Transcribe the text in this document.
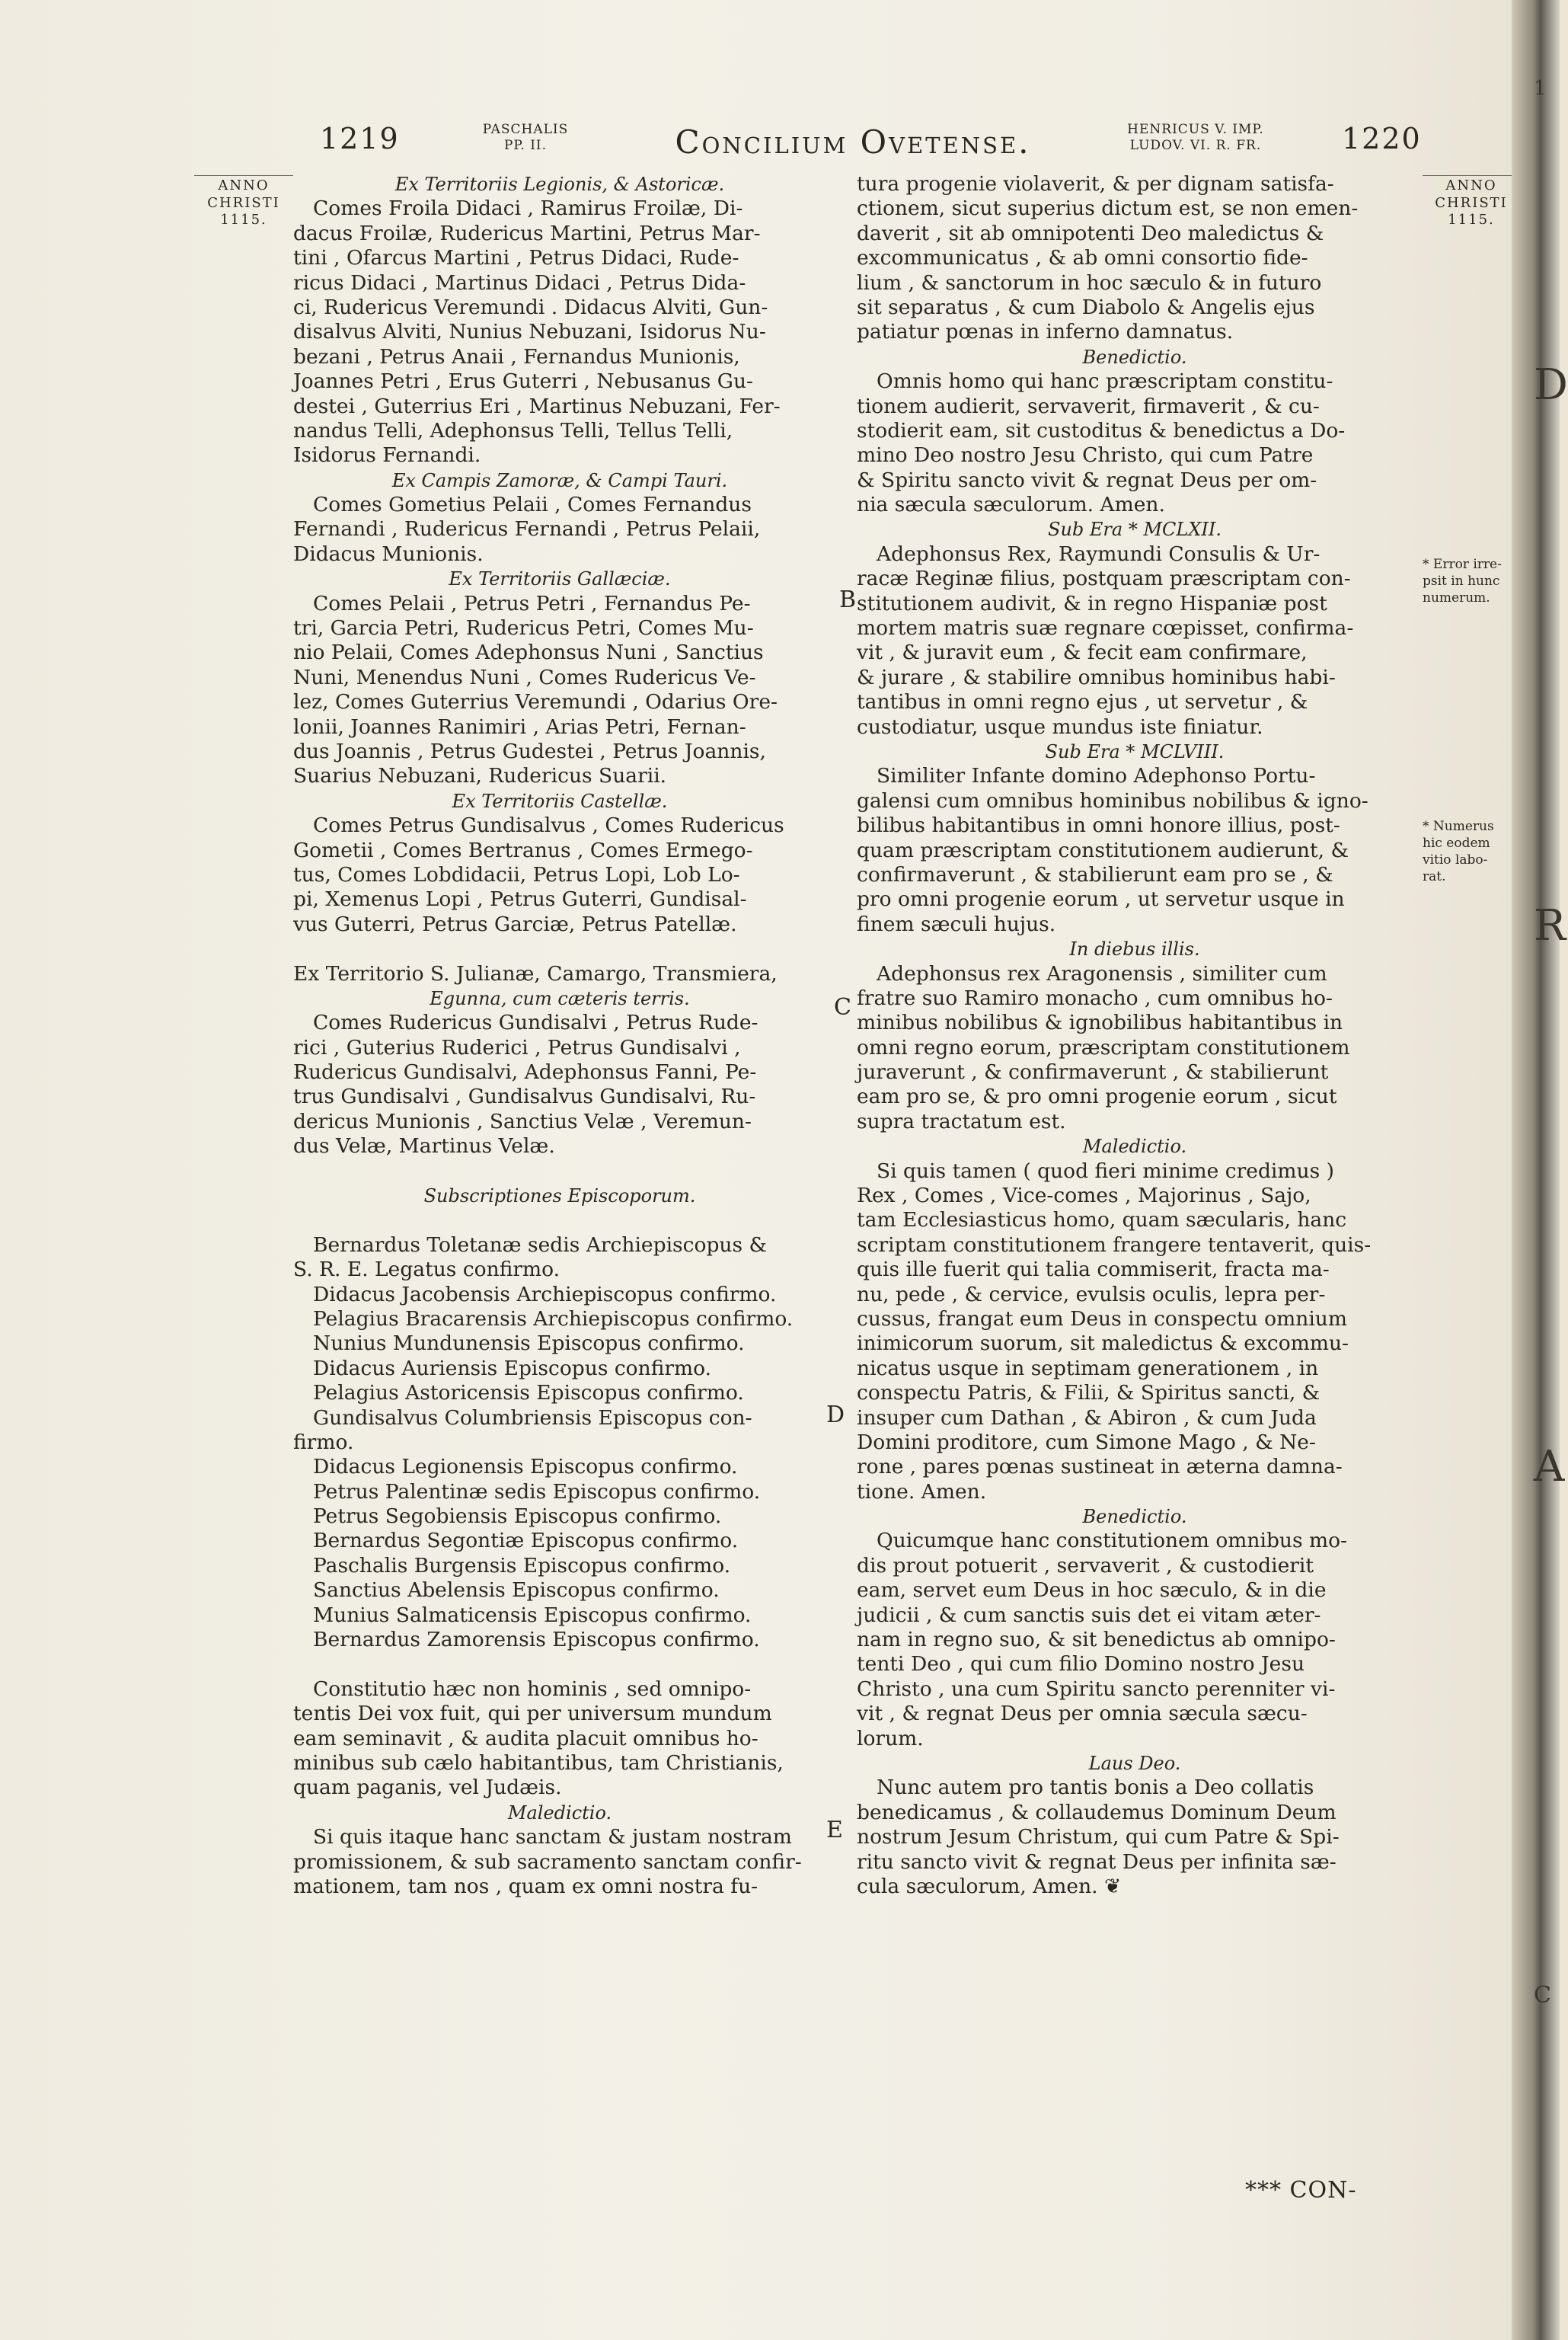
1219	PASCHALIS
PP. II.	Concilium Ovetense.	HENRICUS V. IMP.
LUDOV. VI. R. FR.	1220
ANNO
CHRISTI
1115.
ANNO
CHRISTI
1115.
* Error irre-
psit in hunc
numerum.
* Numerus
hic eodem
vitio labo-
rat.
B
C
D
E
Ex Territoriis Legionis, & Astoricæ.
Comes Froila Didaci , Ramirus Froilæ, Di-
dacus Froilæ, Rudericus Martini, Petrus Mar-
tini , Ofarcus Martini , Petrus Didaci, Rude-
ricus Didaci , Martinus Didaci , Petrus Dida-
ci, Rudericus Veremundi . Didacus Alviti, Gun-
disalvus Alviti, Nunius Nebuzani, Isidorus Nu-
bezani , Petrus Anaii , Fernandus Munionis,
Joannes Petri , Erus Guterri , Nebusanus Gu-
destei , Guterrius Eri , Martinus Nebuzani, Fer-
nandus Telli, Adephonsus Telli, Tellus Telli,
Isidorus Fernandi.
Ex Campis Zamoræ, & Campi Tauri.
Comes Gometius Pelaii , Comes Fernandus
Fernandi , Rudericus Fernandi , Petrus Pelaii,
Didacus Munionis.
Ex Territoriis Gallæciæ.
Comes Pelaii , Petrus Petri , Fernandus Pe-
tri, Garcia Petri, Rudericus Petri, Comes Mu-
nio Pelaii, Comes Adephonsus Nuni , Sanctius
Nuni, Menendus Nuni , Comes Rudericus Ve-
lez, Comes Guterrius Veremundi , Odarius Ore-
lonii, Joannes Ranimiri , Arias Petri, Fernan-
dus Joannis , Petrus Gudestei , Petrus Joannis,
Suarius Nebuzani, Rudericus Suarii.
Ex Territoriis Castellæ.
Comes Petrus Gundisalvus , Comes Rudericus
Gometii , Comes Bertranus , Comes Ermego-
tus, Comes Lobdidacii, Petrus Lopi, Lob Lo-
pi, Xemenus Lopi , Petrus Guterri, Gundisal-
vus Guterri, Petrus Garciæ, Petrus Patellæ.
Ex Territorio S. Julianæ, Camargo, Transmiera,
Egunna, cum cæteris terris.
Comes Rudericus Gundisalvi , Petrus Rude-
rici , Guterius Ruderici , Petrus Gundisalvi ,
Rudericus Gundisalvi, Adephonsus Fanni, Pe-
trus Gundisalvi , Gundisalvus Gundisalvi, Ru-
dericus Munionis , Sanctius Velæ , Veremun-
dus Velæ, Martinus Velæ.
Subscriptiones Episcoporum.
Bernardus Toletanæ sedis Archiepiscopus &
S. R. E. Legatus confirmo.
Didacus Jacobensis Archiepiscopus confirmo.
Pelagius Bracarensis Archiepiscopus confirmo.
Nunius Mundunensis Episcopus confirmo.
Didacus Auriensis Episcopus confirmo.
Pelagius Astoricensis Episcopus confirmo.
Gundisalvus Columbriensis Episcopus con-
firmo.
Didacus Legionensis Episcopus confirmo.
Petrus Palentinæ sedis Episcopus confirmo.
Petrus Segobiensis Episcopus confirmo.
Bernardus Segontiæ Episcopus confirmo.
Paschalis Burgensis Episcopus confirmo.
Sanctius Abelensis Episcopus confirmo.
Munius Salmaticensis Episcopus confirmo.
Bernardus Zamorensis Episcopus confirmo.
Constitutio hæc non hominis , sed omnipo-
tentis Dei vox fuit, qui per universum mundum
eam seminavit , & audita placuit omnibus ho-
minibus sub cælo habitantibus, tam Christianis,
quam paganis, vel Judæis.
Maledictio.
Si quis itaque hanc sanctam & justam nostram
promissionem, & sub sacramento sanctam confir-
mationem, tam nos , quam ex omni nostra fu-
tura progenie violaverit, & per dignam satisfa-
ctionem, sicut superius dictum est, se non emen-
daverit , sit ab omnipotenti Deo maledictus &
excommunicatus , & ab omni consortio fide-
lium , & sanctorum in hoc sæculo & in futuro
sit separatus , & cum Diabolo & Angelis ejus
patiatur pœnas in inferno damnatus.
Benedictio.
Omnis homo qui hanc præscriptam constitu-
tionem audierit, servaverit, firmaverit , & cu-
stodierit eam, sit custoditus & benedictus a Do-
mino Deo nostro Jesu Christo, qui cum Patre
& Spiritu sancto vivit & regnat Deus per om-
nia sæcula sæculorum. Amen.
Sub Era * MCLXII.
Adephonsus Rex, Raymundi Consulis & Ur-
racæ Reginæ filius, postquam præscriptam con-
stitutionem audivit, & in regno Hispaniæ post
mortem matris suæ regnare cœpisset, confirma-
vit , & juravit eum , & fecit eam confirmare,
& jurare , & stabilire omnibus hominibus habi-
tantibus in omni regno ejus , ut servetur , &
custodiatur, usque mundus iste finiatur.
Sub Era * MCLVIII.
Similiter Infante domino Adephonso Portu-
galensi cum omnibus hominibus nobilibus & igno-
bilibus habitantibus in omni honore illius, post-
quam præscriptam constitutionem audierunt, &
confirmaverunt , & stabilierunt eam pro se , &
pro omni progenie eorum , ut servetur usque in
finem sæculi hujus.
In diebus illis.
Adephonsus rex Aragonensis , similiter cum
fratre suo Ramiro monacho , cum omnibus ho-
minibus nobilibus & ignobilibus habitantibus in
omni regno eorum, præscriptam constitutionem
juraverunt , & confirmaverunt , & stabilierunt
eam pro se, & pro omni progenie eorum , sicut
supra tractatum est.
Maledictio.
Si quis tamen ( quod fieri minime credimus )
Rex , Comes , Vice-comes , Majorinus , Sajo,
tam Ecclesiasticus homo, quam sæcularis, hanc
scriptam constitutionem frangere tentaverit, quis-
quis ille fuerit qui talia commiserit, fracta ma-
nu, pede , & cervice, evulsis oculis, lepra per-
cussus, frangat eum Deus in conspectu omnium
inimicorum suorum, sit maledictus & excommu-
nicatus usque in septimam generationem , in
conspectu Patris, & Filii, & Spiritus sancti, &
insuper cum Dathan , & Abiron , & cum Juda
Domini proditore, cum Simone Mago , & Ne-
rone , pares pœnas sustineat in æterna damna-
tione. Amen.
Benedictio.
Quicumque hanc constitutionem omnibus mo-
dis prout potuerit , servaverit , & custodierit
eam, servet eum Deus in hoc sæculo, & in die
judicii , & cum sanctis suis det ei vitam æter-
nam in regno suo, & sit benedictus ab omnipo-
tenti Deo , qui cum filio Domino nostro Jesu
Christo , una cum Spiritu sancto perenniter vi-
vit , & regnat Deus per omnia sæcula sæcu-
lorum.
Laus Deo.
Nunc autem pro tantis bonis a Deo collatis
benedicamus , & collaudemus Dominum Deum
nostrum Jesum Christum, qui cum Patre & Spi-
ritu sancto vivit & regnat Deus per infinita sæ-
cula sæculorum, Amen. ❦
*** CON-
1
D
R
A
C
